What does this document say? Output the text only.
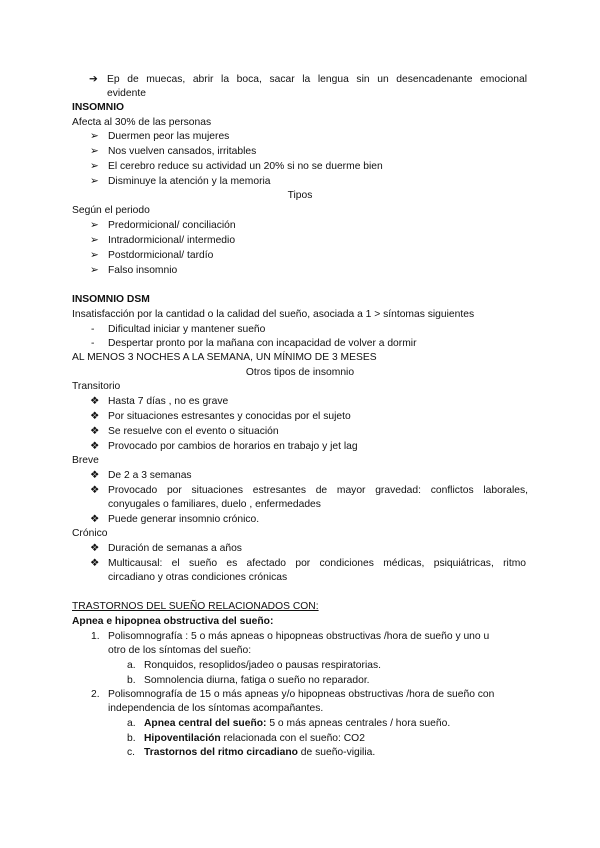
➔ Ep de muecas, abrir la boca, sacar la lengua sin un desencadenante emocional
evidente
INSOMNIO
Afecta al 30% de las personas
➢ Duermen peor las mujeres
➢ Nos vuelven cansados, irritables
➢ El cerebro reduce su actividad un 20% si no se duerme bien
➢ Disminuye la atención y la memoria
Tipos
Según el periodo
➢ Predormicional/ conciliación
➢ Intradormicional/ intermedio
➢ Postdormicional/ tardío
➢ Falso insomnio
INSOMNIO DSM
Insatisfacción por la cantidad o la calidad del sueño, asociada a 1 > síntomas siguientes
- Dificultad iniciar y mantener sueño
- Despertar pronto por la mañana con incapacidad de volver a dormir
AL MENOS 3 NOCHES A LA SEMANA, UN MÍNIMO DE 3 MESES
Otros tipos de insomnio
Transitorio
❖ Hasta 7 días , no es grave
❖ Por situaciones estresantes y conocidas por el sujeto
❖ Se resuelve con el evento o situación
❖ Provocado por cambios de horarios en trabajo y jet lag
Breve
❖ De 2 a 3 semanas
❖ Provocado por situaciones estresantes de mayor gravedad: conflictos laborales,
conyugales o familiares, duelo , enfermedades
❖ Puede generar insomnio crónico.
Crónico
❖ Duración de semanas a años
❖ Multicausal: el sueño es afectado por condiciones médicas, psiquiátricas, ritmo
circadiano y otras condiciones crónicas
TRASTORNOS DEL SUEÑO RELACIONADOS CON:
Apnea e hipopnea obstructiva del sueño:
1. Polisomnografía : 5 o más apneas o hipopneas obstructivas /hora de sueño y uno u
otro de los síntomas del sueño:
a. Ronquidos, resoplidos/jadeo o pausas respiratorias.
b. Somnolencia diurna, fatiga o sueño no reparador.
2. Polisomnografía de 15 o más apneas y/o hipopneas obstructivas /hora de sueño con
independencia de los síntomas acompañantes.
a. Apnea central del sueño: 5 o más apneas centrales / hora sueño.
b. Hipoventilación relacionada con el sueño: CO2
c. Trastornos del ritmo circadiano de sueño-vigilia.
